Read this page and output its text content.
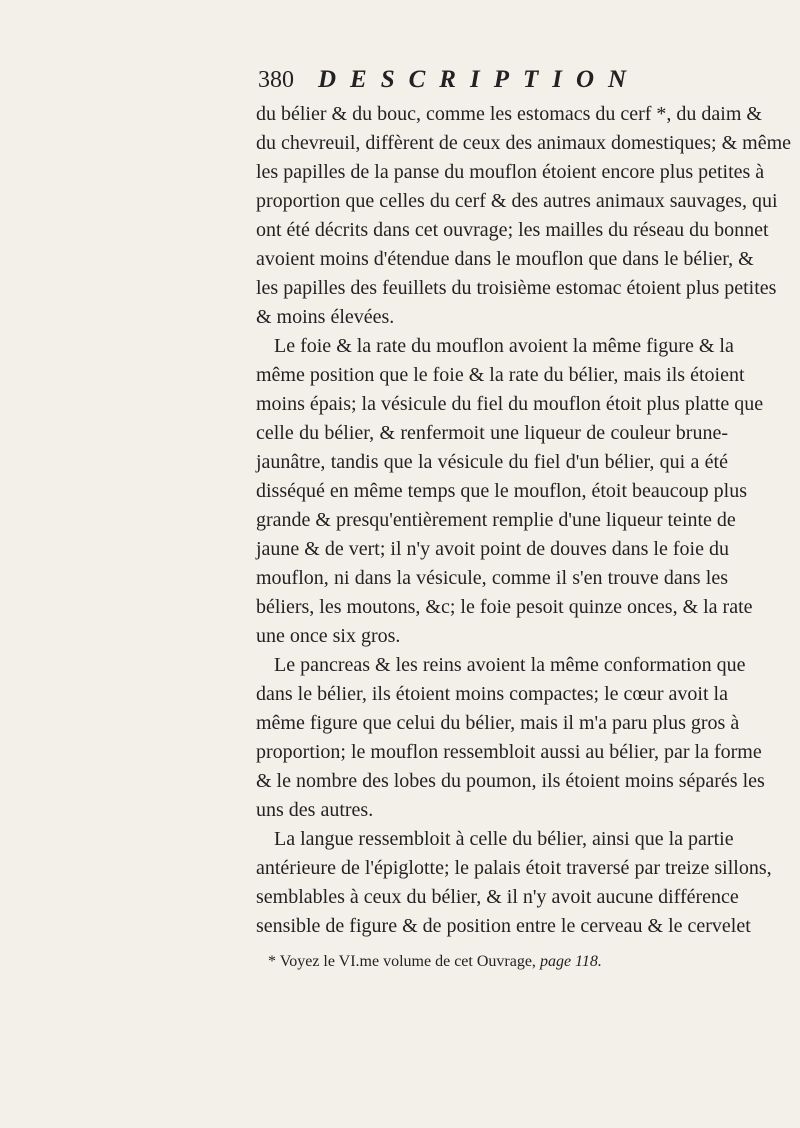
380 DESCRIPTION
du bélier & du bouc, comme les estomacs du cerf *, du daim &
du chevreuil, diffèrent de ceux des animaux domestiques; & même
les papilles de la panse du mouflon étoient encore plus petites à
proportion que celles du cerf & des autres animaux sauvages, qui
ont été décrits dans cet ouvrage; les mailles du réseau du bonnet
avoient moins d'étendue dans le mouflon que dans le bélier, &
les papilles des feuillets du troisième estomac étoient plus petites
& moins élevées.
Le foie & la rate du mouflon avoient la même figure & la
même position que le foie & la rate du bélier, mais ils étoient
moins épais; la vésicule du fiel du mouflon étoit plus platte que
celle du bélier, & renfermoit une liqueur de couleur brune-
jaunâtre, tandis que la vésicule du fiel d'un bélier, qui a été
disséqué en même temps que le mouflon, étoit beaucoup plus
grande & presqu'entièrement remplie d'une liqueur teinte de
jaune & de vert; il n'y avoit point de douves dans le foie du
mouflon, ni dans la vésicule, comme il s'en trouve dans les
béliers, les moutons, &c; le foie pesoit quinze onces, & la rate
une once six gros.
Le pancreas & les reins avoient la même conformation que
dans le bélier, ils étoient moins compactes; le cœur avoit la
même figure que celui du bélier, mais il m'a paru plus gros à
proportion; le mouflon ressembloit aussi au bélier, par la forme
& le nombre des lobes du poumon, ils étoient moins séparés les
uns des autres.
La langue ressembloit à celle du bélier, ainsi que la partie
antérieure de l'épiglotte; le palais étoit traversé par treize sillons,
semblables à ceux du bélier, & il n'y avoit aucune différence
sensible de figure & de position entre le cerveau & le cervelet
* Voyez le VI.me volume de cet Ouvrage, page 118.
